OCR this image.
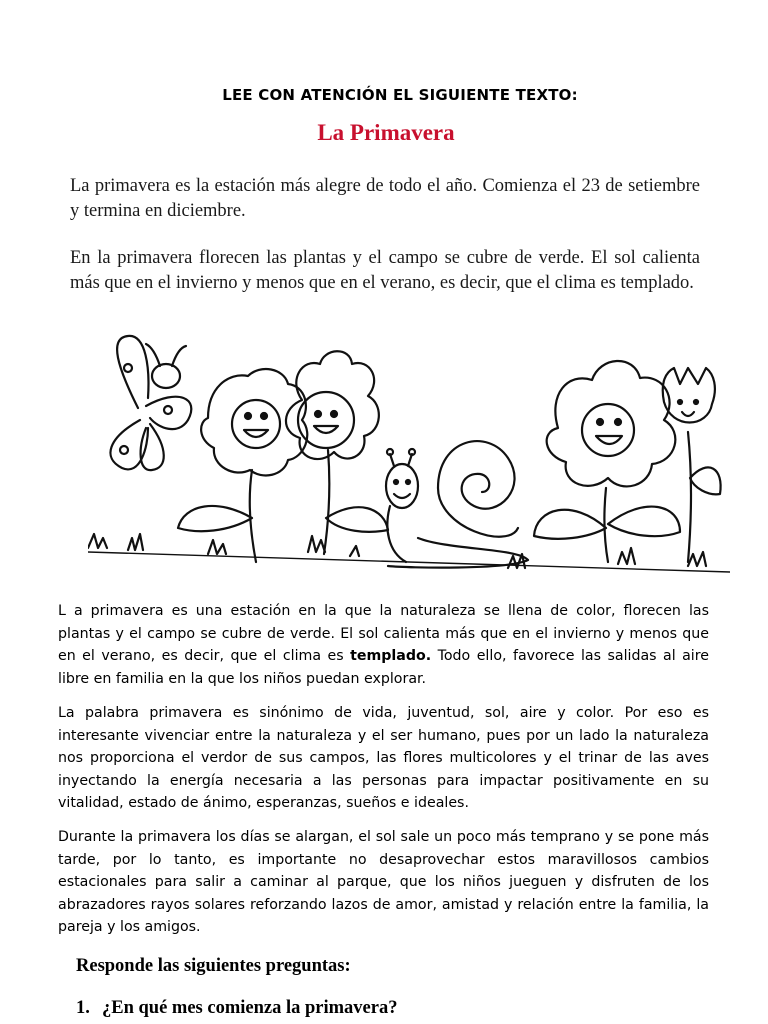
LEE CON ATENCIÓN EL SIGUIENTE TEXTO:
La Primavera
La primavera es la estación más alegre de todo el año. Comienza el 23 de setiembre y termina en diciembre.
En la primavera florecen las plantas y el campo se cubre de verde. El sol calienta más que en el invierno y menos que en el verano, es decir, que el clima es templado.
L a primavera es una estación en la que la naturaleza se llena de color, florecen las plantas y el campo se cubre de verde. El sol calienta más que en el invierno y menos que en el verano, es decir, que el clima es templado. Todo ello, favorece las salidas al aire libre en familia en la que los niños puedan explorar.
La palabra primavera es sinónimo de vida, juventud, sol, aire y color. Por eso es interesante vivenciar entre la naturaleza y el ser humano, pues por un lado la naturaleza nos proporciona el verdor de sus campos, las flores multicolores y el trinar de las aves inyectando la energía necesaria a las personas para impactar positivamente en su vitalidad, estado de ánimo, esperanzas, sueños e ideales.
Durante la primavera los días se alargan, el sol sale un poco más temprano y se pone más tarde, por lo tanto, es importante no desaprovechar estos maravillosos cambios estacionales para salir a caminar al parque, que los niños jueguen y disfruten de los abrazadores rayos solares reforzando lazos de amor, amistad y relación entre la familia, la pareja y los amigos.
Responde las siguientes preguntas:
1. ¿En qué mes comienza la primavera?
